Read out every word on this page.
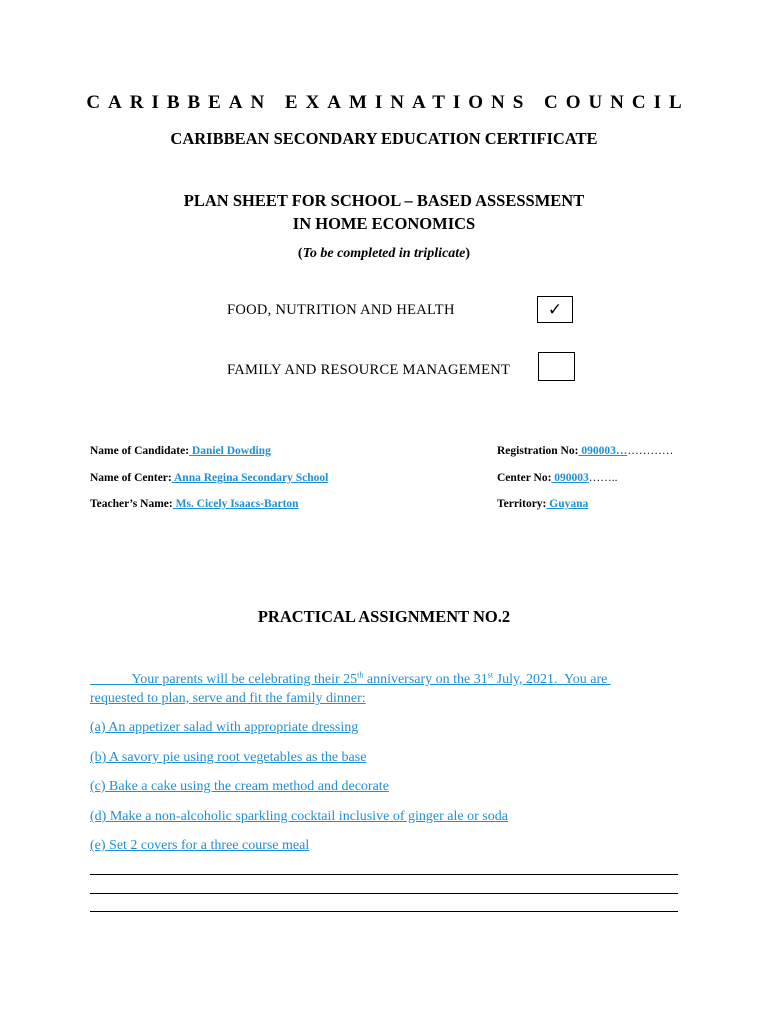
CARIBBEAN EXAMINATIONS COUNCIL
CARIBBEAN SECONDARY EDUCATION CERTIFICATE
PLAN SHEET FOR SCHOOL – BASED ASSESSMENT
IN HOME ECONOMICS
(To be completed in triplicate)
FOOD, NUTRITION AND HEALTH	✓
FAMILY AND RESOURCE MANAGEMENT
Name of Candidate: Daniel Dowding
Name of Center: Anna Regina Secondary School
Teacher’s Name: Ms. Cicely Isaacs-Barton
Registration No: 090003……………
Center No: 090003……..
Territory: Guyana
PRACTICAL ASSIGNMENT NO.2
Your parents will be celebrating their 25th anniversary on the 31st July, 2021.  You are
requested to plan, serve and fit the family dinner:
(a) An appetizer salad with appropriate dressing
(b) A savory pie using root vegetables as the base
(c) Bake a cake using the cream method and decorate
(d) Make a non-alcoholic sparkling cocktail inclusive of ginger ale or soda
(e) Set 2 covers for a three course meal
